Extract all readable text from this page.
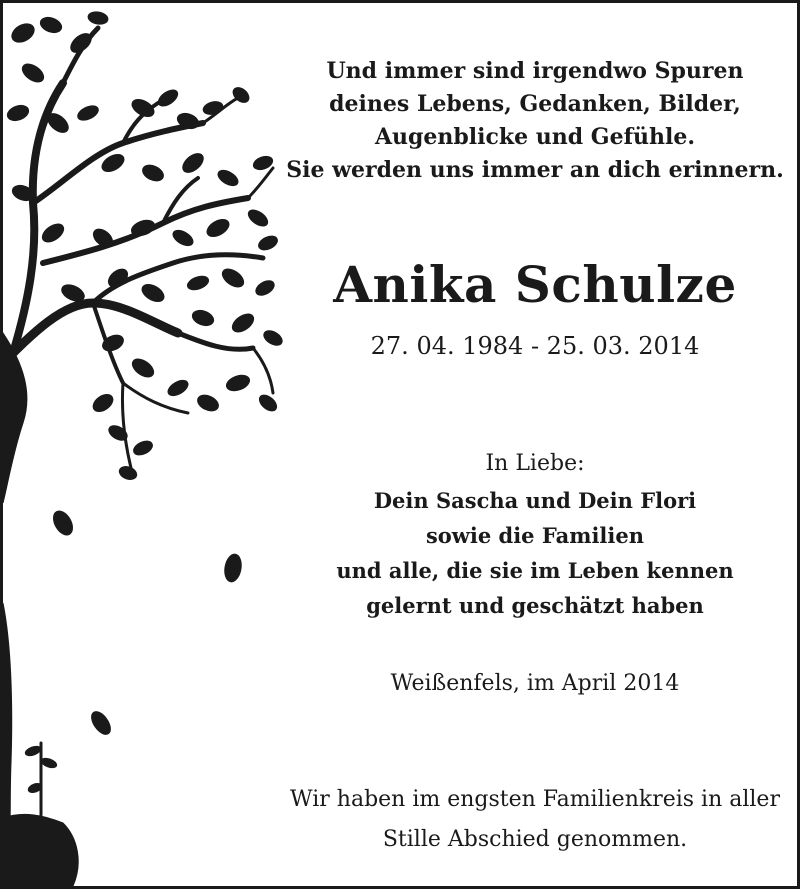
Und immer sind irgendwo Spuren
deines Lebens, Gedanken, Bilder,
Augenblicke und Gefühle.
Sie werden uns immer an dich erinnern.
Anika Schulze
27. 04. 1984 - 25. 03. 2014
In Liebe:
Dein Sascha und Dein Flori
sowie die Familien
und alle, die sie im Leben kennen
gelernt und geschätzt haben
Weißenfels, im April 2014
Wir haben im engsten Familienkreis in aller
Stille Abschied genommen.
